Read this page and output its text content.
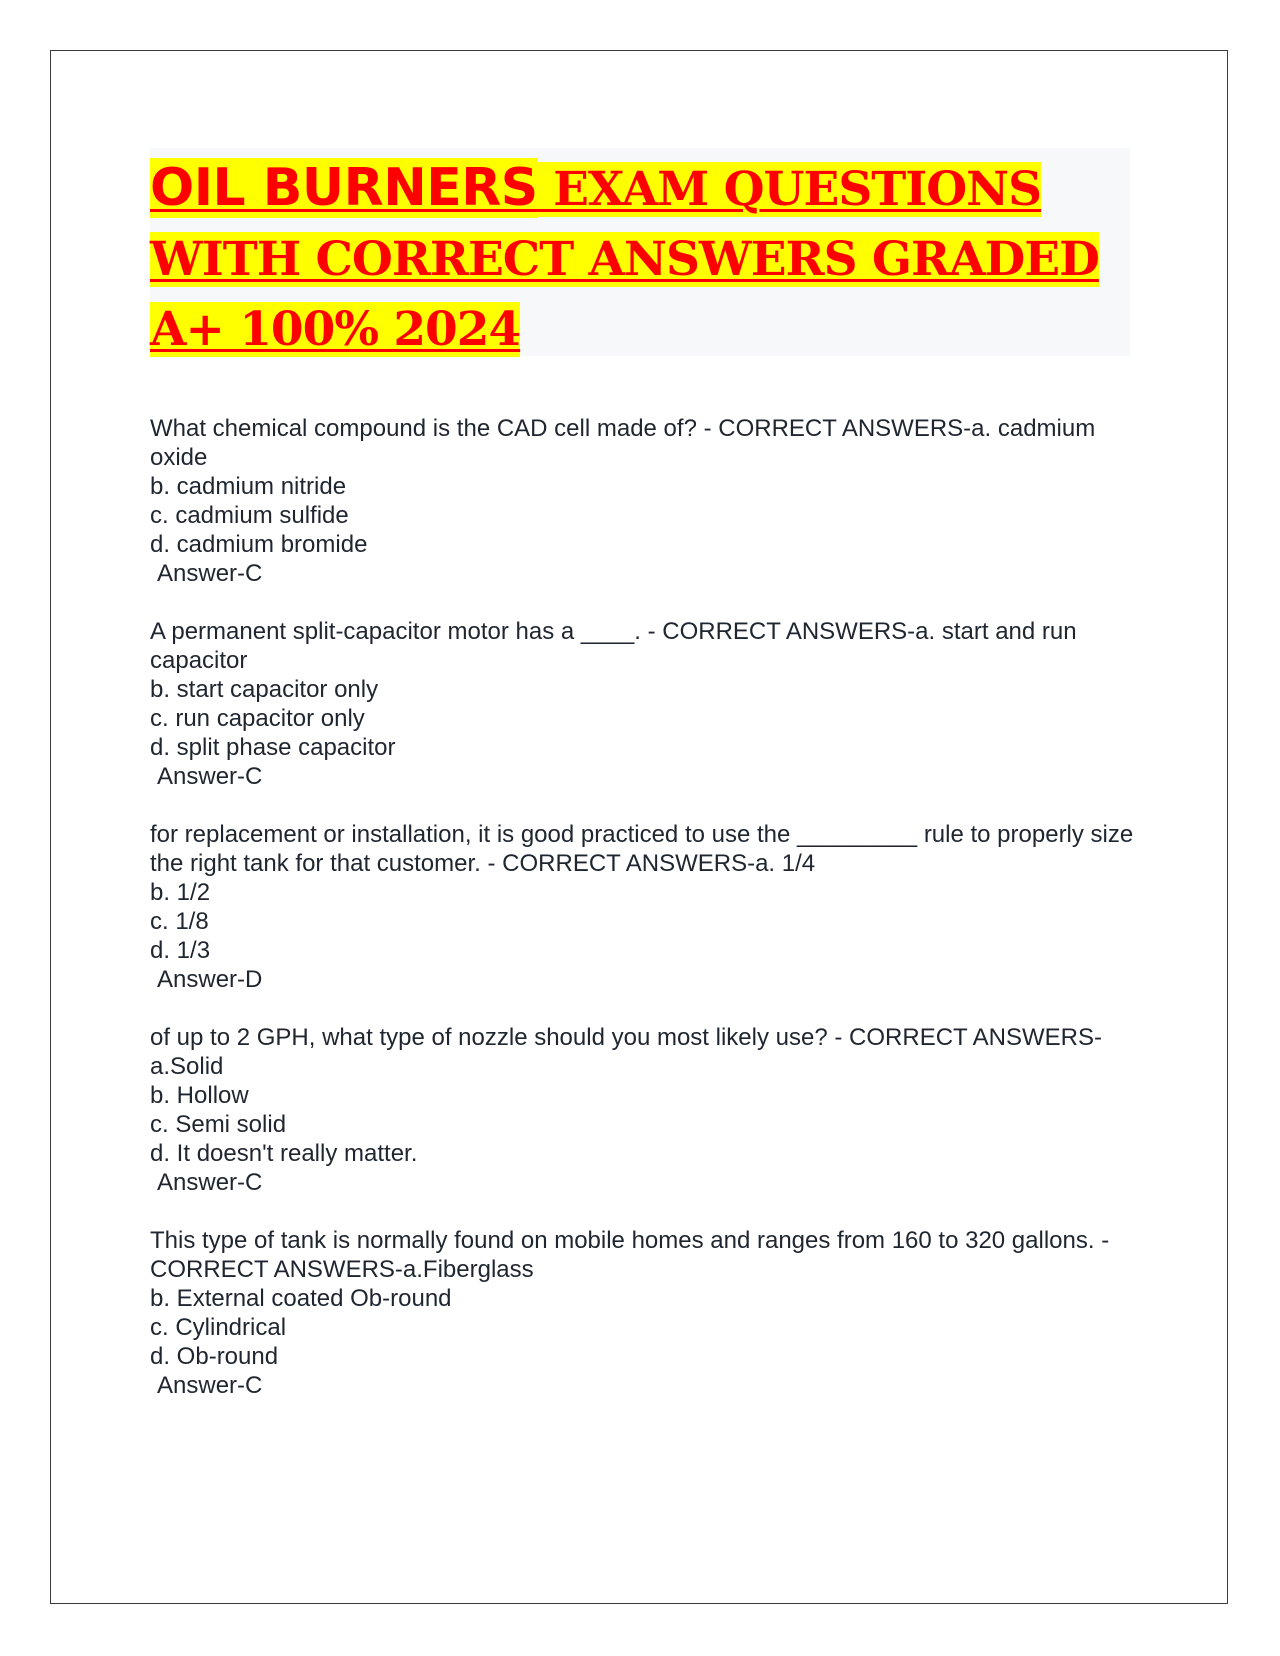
OIL BURNERS EXAM QUESTIONS WITH CORRECT ANSWERS GRADED A+ 100% 2024
What chemical compound is the CAD cell made of? - CORRECT ANSWERS-a. cadmium oxide
b. cadmium nitride
c. cadmium sulfide
d. cadmium bromide
Answer-C
A permanent split-capacitor motor has a ____. - CORRECT ANSWERS-a. start and run capacitor
b. start capacitor only
c. run capacitor only
d. split phase capacitor
Answer-C
for replacement or installation, it is good practiced to use the _________ rule to properly size the right tank for that customer. - CORRECT ANSWERS-a. 1/4
b. 1/2
c. 1/8
d. 1/3
Answer-D
of up to 2 GPH, what type of nozzle should you most likely use? - CORRECT ANSWERS-a.Solid
b. Hollow
c. Semi solid
d. It doesn't really matter.
Answer-C
This type of tank is normally found on mobile homes and ranges from 160 to 320 gallons. - CORRECT ANSWERS-a.Fiberglass
b. External coated Ob-round
c. Cylindrical
d. Ob-round
Answer-C
